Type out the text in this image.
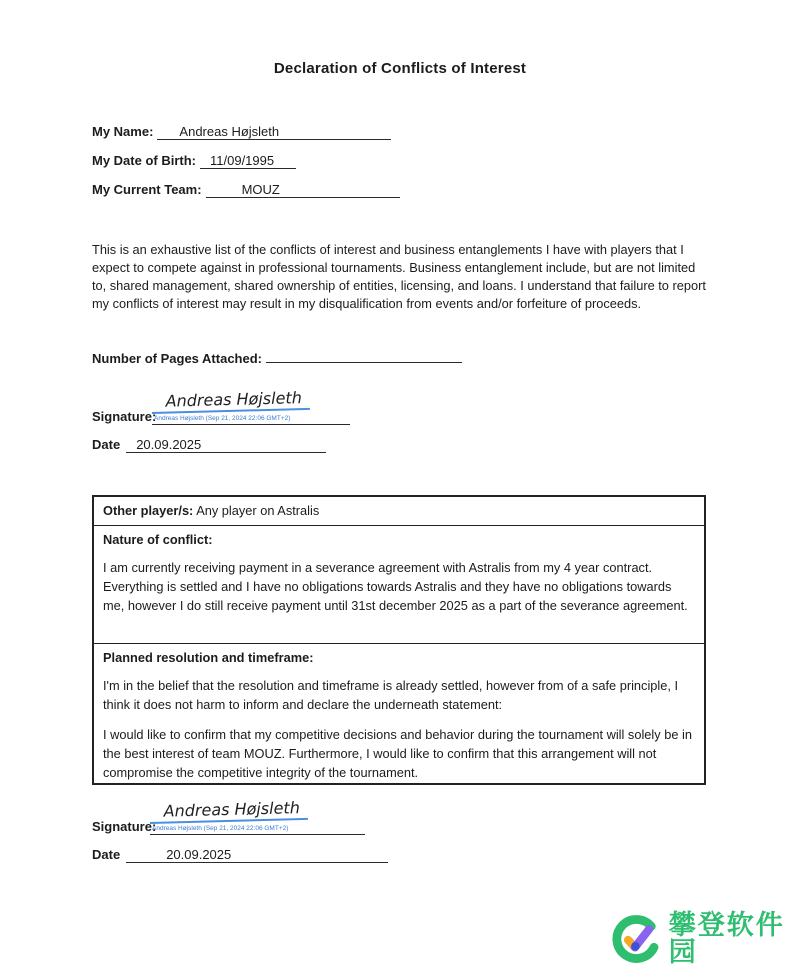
Declaration of Conflicts of Interest
My Name:	Andreas Højsleth
My Date of Birth:	11/09/1995
My Current Team:	MOUZ
This is an exhaustive list of the conflicts of interest and business entanglements I have with players that I expect to compete against in professional tournaments. Business entanglement include, but are not limited to, shared management, shared ownership of entities, licensing, and loans. I understand that failure to report my conflicts of interest may result in my disqualification from events and/or forfeiture of proceeds.
Number of Pages Attached:
Signature:
Andreas Højsleth
Andreas Højsleth (Sep 21, 2024 22:06 GMT+2)
Date	20.09.2025
Other player/s: Any player on Astralis
Nature of conflict:
I am currently receiving payment in a severance agreement with Astralis from my 4 year contract. Everything is settled and I have no obligations towards Astralis and they have no obligations towards me, however I do still receive payment until 31st december 2025 as a part of the severance agreement.
Planned resolution and timeframe:
I'm in the belief that the resolution and timeframe is already settled, however from of a safe principle, I think it does not harm to inform and declare the underneath statement:
I would like to confirm that my competitive decisions and behavior during the tournament will solely be in the best interest of team MOUZ. Furthermore, I would like to confirm that this arrangement will not compromise the competitive integrity of the tournament.
Signature:
Andreas Højsleth
Andreas Højsleth (Sep 21, 2024 22:06 GMT+2)
Date	20.09.2025
攀登软件园
